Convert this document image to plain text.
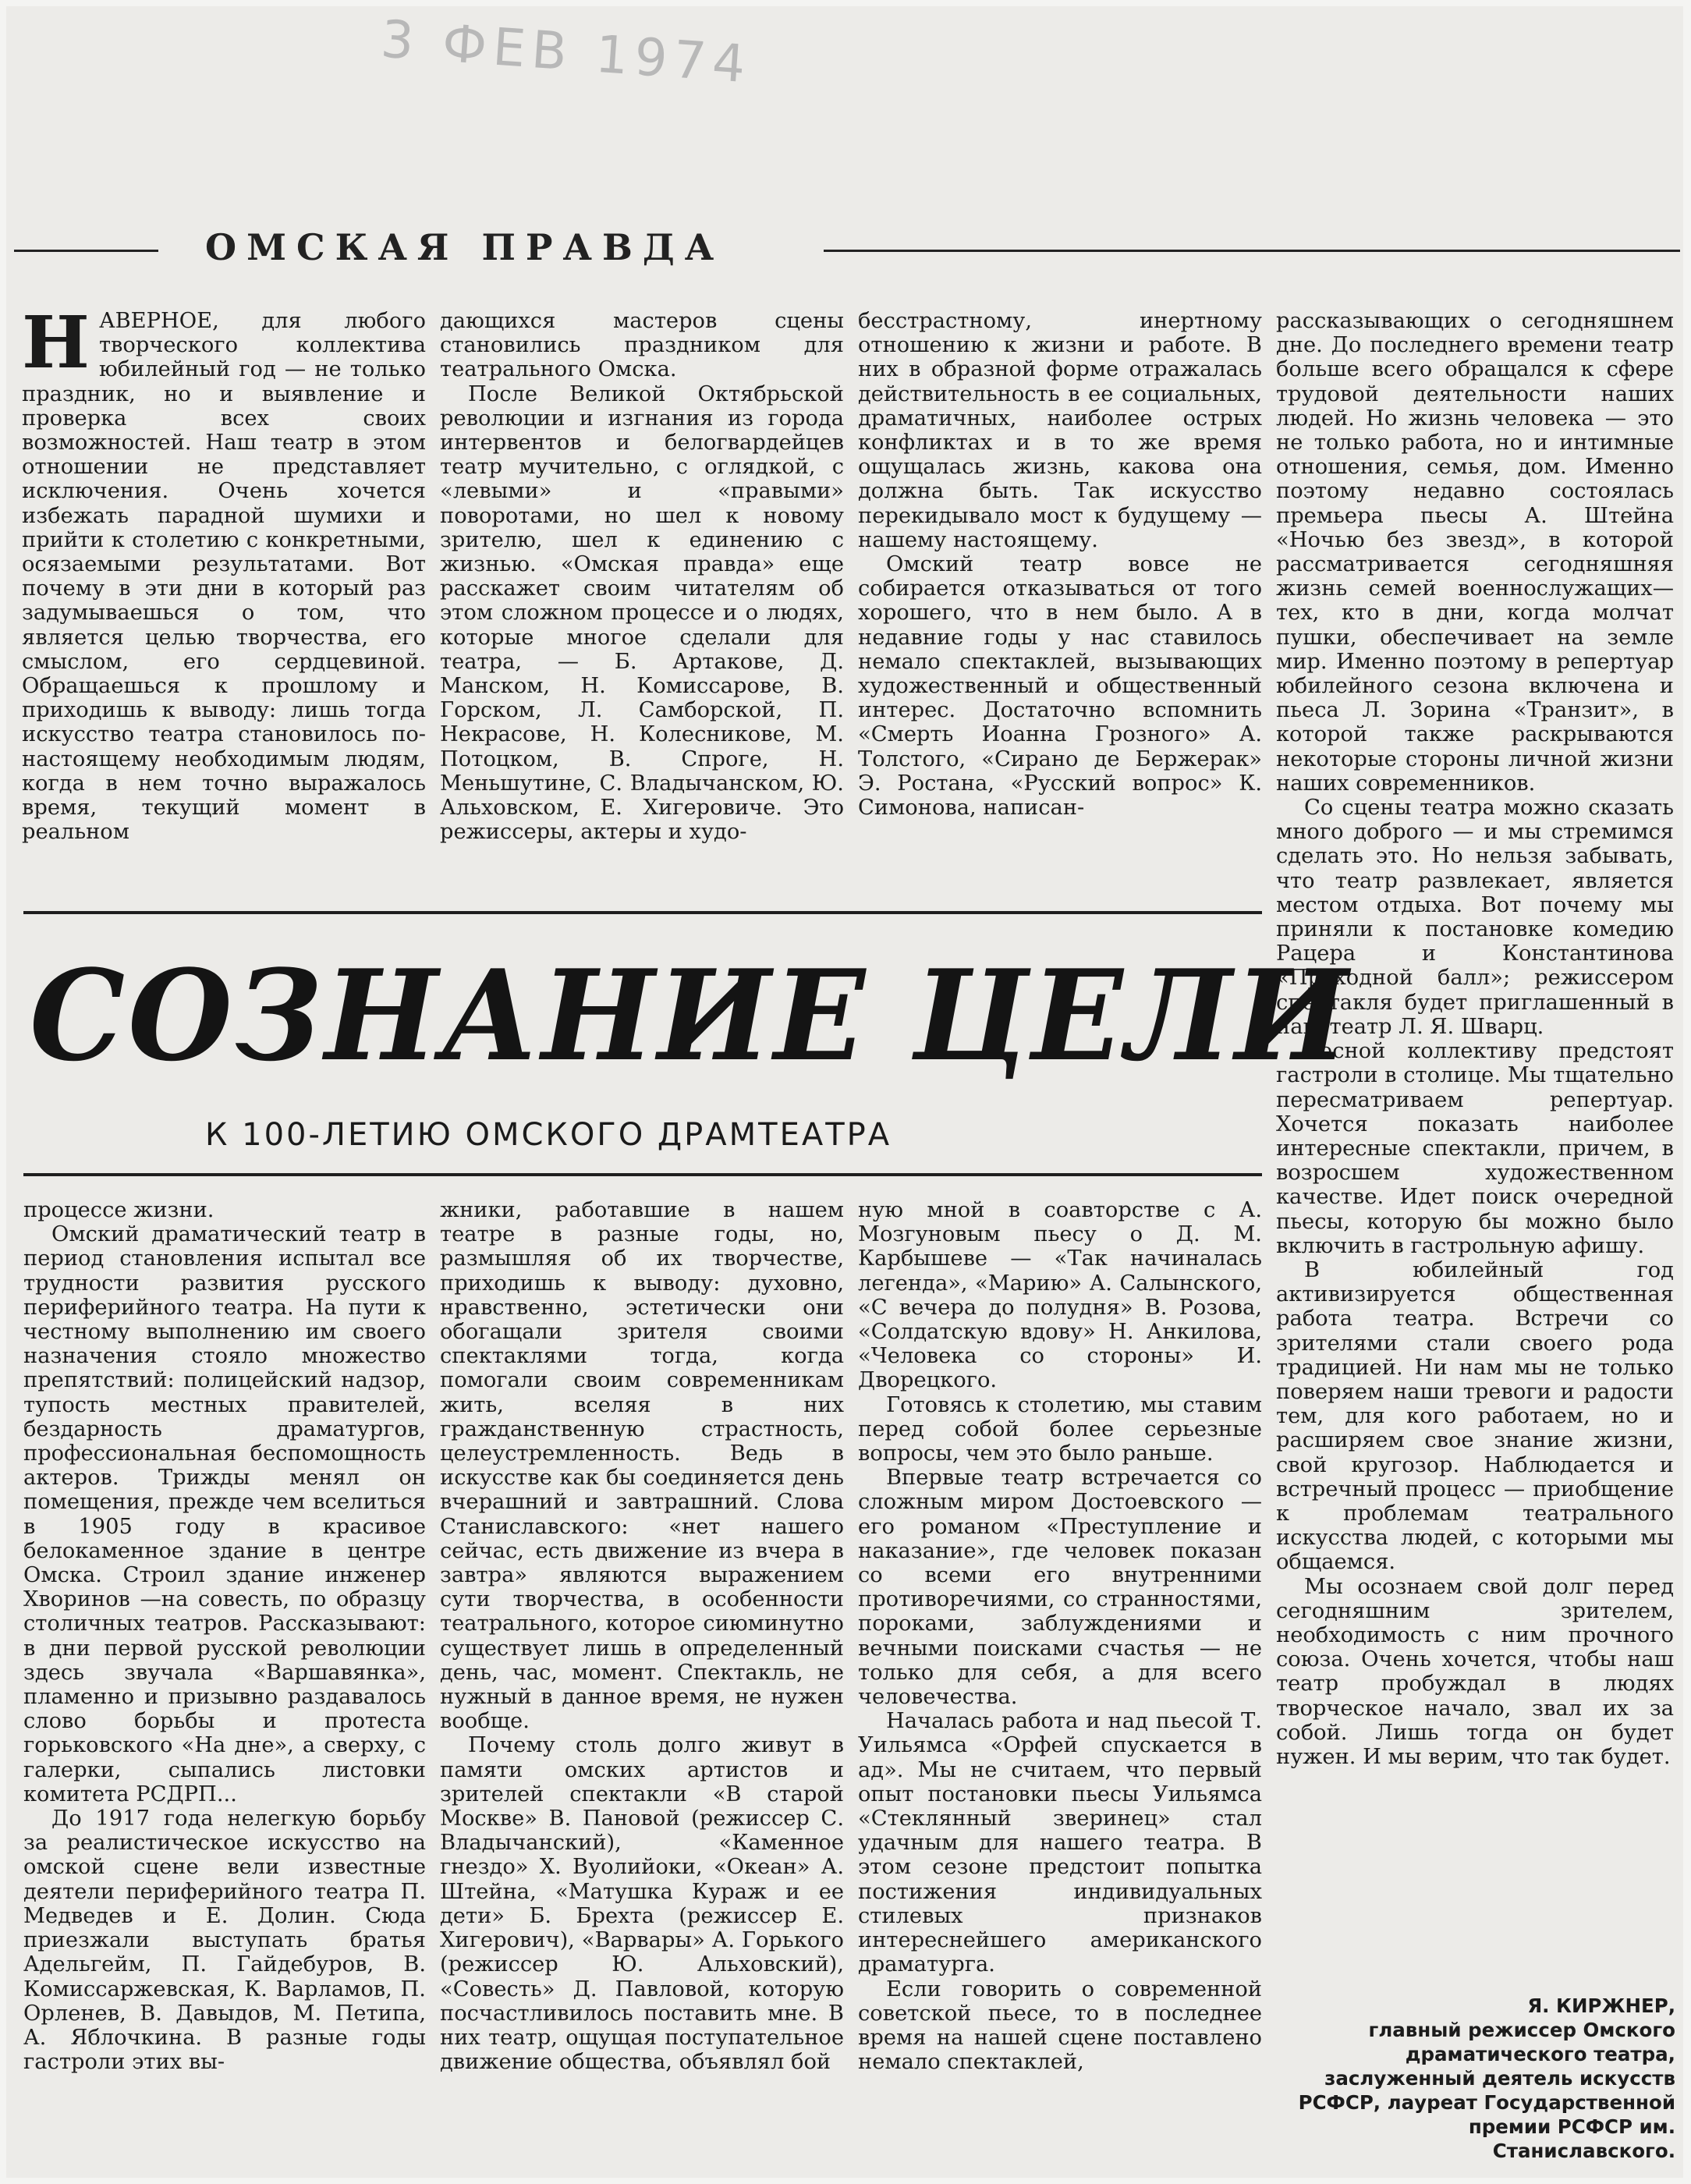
3 ФЕВ 1974
ОМСКАЯ ПРАВДА
Н АВЕРНОЕ, для любого творческого коллектива юбилейный год — не только праздник, но и выявление и проверка всех своих возможностей. Наш театр в этом отношении не представляет исключения. Очень хочется избежать парадной шумихи и прийти к столетию с конкретными, осязаемыми результатами. Вот почему в эти дни в который раз задумываешься о том, что является целью творчества, его смыслом, его сердцевиной. Обращаешься к прошлому и приходишь к выводу: лишь тогда искусство театра становилось по-настоящему необходимым людям, когда в нем точно выражалось время, текущий момент в реальном

дающихся мастеров сцены становились праздником для театрального Омска.

После Великой Октябрьской революции и изгнания из города интервентов и белогвардейцев театр мучительно, с оглядкой, с «левыми» и «правыми» поворотами, но шел к новому зрителю, шел к единению с жизнью. «Омская правда» еще расскажет своим читателям об этом сложном процессе и о людях, которые многое сделали для театра, — Б. Артакове, Д. Манском, Н. Комиссарове, В. Горском, Л. Самборской, П. Некрасове, Н. Колесникове, М. Потоцком, В. Спроге, Н. Меньшутине, С. Владычанском, Ю. Альховском, Е. Хигеровиче. Это режиссеры, актеры и худо-

бесстрастному, инертному отношению к жизни и работе. В них в образной форме отражалась действительность в ее социальных, драматичных, наиболее острых конфликтах и в то же время ощущалась жизнь, какова она должна быть. Так искусство перекидывало мост к будущему — нашему настоящему.

Омский театр вовсе не собирается отказываться от того хорошего, что в нем было. А в недавние годы у нас ставилось немало спектаклей, вызывающих художественный и общественный интерес. Достаточно вспомнить «Смерть Иоанна Грозного» А. Толстого, «Сирано де Бержерак» Э. Ростана, «Русский вопрос» К. Симонова, написан-

рассказывающих о сегодняшнем дне. До последнего времени театр больше всего обращался к сфере трудовой деятельности наших людей. Но жизнь человека — это не только работа, но и интимные отношения, семья, дом. Именно поэтому недавно состоялась премьера пьесы А. Штейна «Ночью без звезд», в которой рассматривается сегодняшняя жизнь семей военнослужащих— тех, кто в дни, когда молчат пушки, обеспечивает на земле мир. Именно поэтому в репертуар юбилейного сезона включена и пьеса Л. Зорина «Транзит», в которой также раскрываются некоторые стороны личной жизни наших современников.

Со сцены театра можно сказать много доброго — и мы стремимся сделать это. Но нельзя забывать, что театр развлекает, является местом отдыха. Вот почему мы приняли к постановке комедию Рацера и Константинова «Проходной балл»; режиссером спектакля будет приглашенный в наш театр Л. Я. Шварц.

Весной коллективу предстоят гастроли в столице. Мы тщательно пересматриваем репертуар. Хочется показать наиболее интересные спектакли, причем, в возросшем художественном качестве. Идет поиск очередной пьесы, которую бы можно было включить в гастрольную афишу.

В юбилейный год активизируется общественная работа театра. Встречи со зрителями стали своего рода традицией. Ни нам мы не только поверяем наши тревоги и радости тем, для кого работаем, но и расширяем свое знание жизни, свой кругозор. Наблюдается и встречный процесс — приобщение к проблемам театрального искусства людей, с которыми мы общаемся.

Мы осознаем свой долг перед сегодняшним зрителем, необходимость с ним прочного союза. Очень хочется, чтобы наш театр пробуждал в людях творческое начало, звал их за собой. Лишь тогда он будет нужен. И мы верим, что так будет.

СОЗНАНИЕ ЦЕЛИ
К 100-ЛЕТИЮ ОМСКОГО ДРАМТЕАТРА

процессе жизни.

Омский драматический театр в период становления испытал все трудности развития русского периферийного театра. На пути к честному выполнению им своего назначения стояло множество препятствий: полицейский надзор, тупость местных правителей, бездарность драматургов, профессиональная беспомощность актеров. Трижды менял он помещения, прежде чем вселиться в 1905 году в красивое белокаменное здание в центре Омска. Строил здание инженер Хворинов —на совесть, по образцу столичных театров. Рассказывают: в дни первой русской революции здесь звучала «Варшавянка», пламенно и призывно раздавалось слово борьбы и протеста горьковского «На дне», а сверху, с галерки, сыпались листовки комитета РСДРП...

До 1917 года нелегкую борьбу за реалистическое искусство на омской сцене вели известные деятели периферийного театра П. Медведев и Е. Долин. Сюда приезжали выступать братья Адельгейм, П. Гайдебуров, В. Комиссаржевская, К. Варламов, П. Орленев, В. Давыдов, М. Петипа, А. Яблочкина. В разные годы гастроли этих вы-

жники, работавшие в нашем театре в разные годы, но, размышляя об их творчестве, приходишь к выводу: духовно, нравственно, эстетически они обогащали зрителя своими спектаклями тогда, когда помогали своим современникам жить, вселяя в них гражданственную страстность, целеустремленность. Ведь в искусстве как бы соединяется день вчерашний и завтрашний. Слова Станиславского: «нет нашего сейчас, есть движение из вчера в завтра» являются выражением сути творчества, в особенности театрального, которое сиюминутно существует лишь в определенный день, час, момент. Спектакль, не нужный в данное время, не нужен вообще.

Почему столь долго живут в памяти омских артистов и зрителей спектакли «В старой Москве» В. Пановой (режиссер С. Владычанский), «Каменное гнездо» Х. Вуолийоки, «Океан» А. Штейна, «Матушка Кураж и ее дети» Б. Брехта (режиссер Е. Хигерович), «Варвары» А. Горького (режиссер Ю. Альховский), «Совесть» Д. Павловой, которую посчастливилось поставить мне. В них театр, ощущая поступательное движение общества, объявлял бой

ную мной в соавторстве с А. Мозгуновым пьесу о Д. М. Карбышеве — «Так начиналась легенда», «Марию» А. Салынского, «С вечера до полудня» В. Розова, «Солдатскую вдову» Н. Анкилова, «Человека со стороны» И. Дворецкого.

Готовясь к столетию, мы ставим перед собой более серьезные вопросы, чем это было раньше.

Впервые театр встречается со сложным миром Достоевского — его романом «Преступление и наказание», где человек показан со всеми его внутренними противоречиями, со странностями, пороками, заблуждениями и вечными поисками счастья — не только для себя, а для всего человечества.

Началась работа и над пьесой Т. Уильямса «Орфей спускается в ад». Мы не считаем, что первый опыт постановки пьесы Уильямса «Стеклянный зверинец» стал удачным для нашего театра. В этом сезоне предстоит попытка постижения индивидуальных стилевых признаков интереснейшего американского драматурга.

Если говорить о современной советской пьесе, то в последнее время на нашей сцене поставлено немало спектаклей,

Я. КИРЖНЕР,
главный режиссер Омского драматического театра, заслуженный деятель искусств РСФСР, лауреат Государственной премии РСФСР им. Станиславского.
